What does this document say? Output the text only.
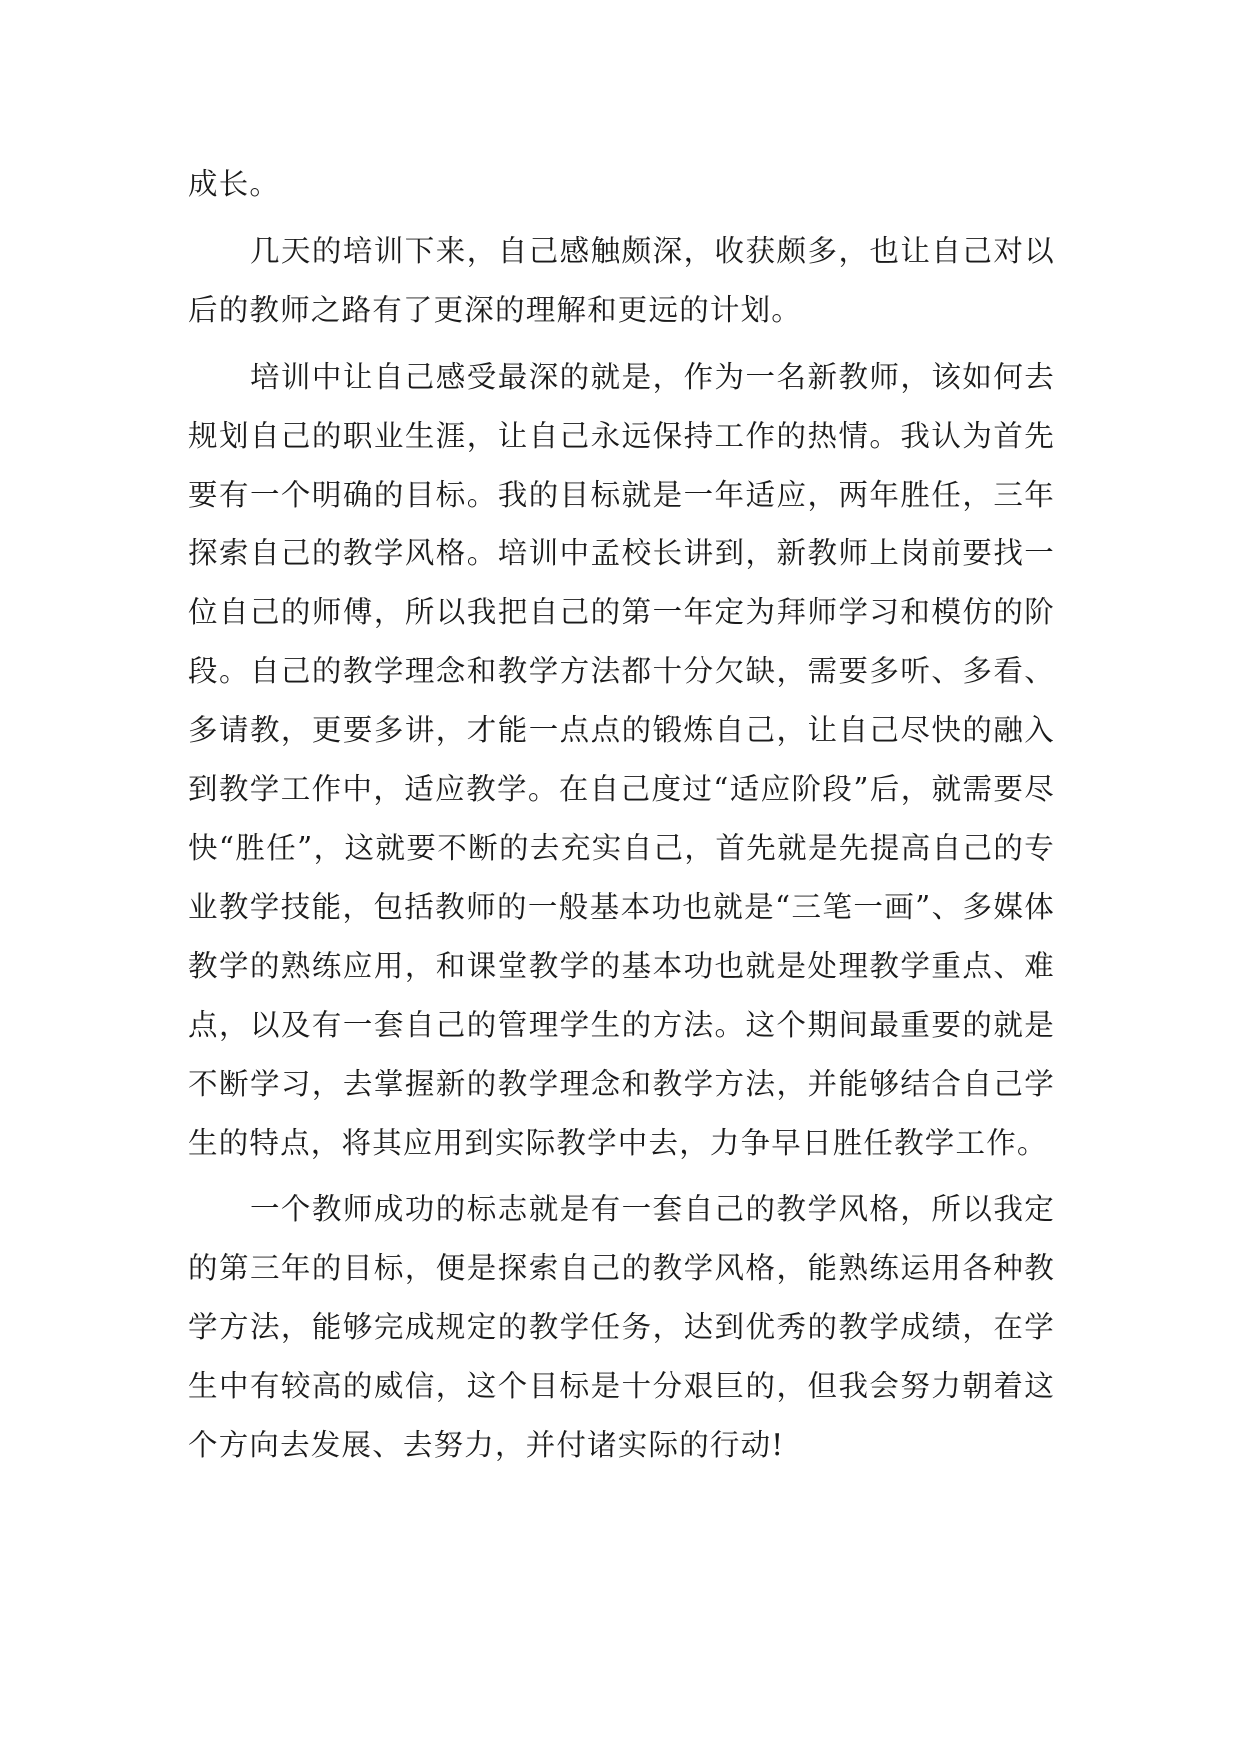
成长。

几天的培训下来，自己感触颇深，收获颇多，也让自己对以后的教师之路有了更深的理解和更远的计划。

培训中让自己感受最深的就是，作为一名新教师，该如何去规划自己的职业生涯，让自己永远保持工作的热情。我认为首先要有一个明确的目标。我的目标就是一年适应，两年胜任，三年探索自己的教学风格。培训中孟校长讲到，新教师上岗前要找一位自己的师傅，所以我把自己的第一年定为拜师学习和模仿的阶段。自己的教学理念和教学方法都十分欠缺，需要多听、多看、多请教，更要多讲，才能一点点的锻炼自己，让自己尽快的融入到教学工作中，适应教学。在自己度过“适应阶段”后，就需要尽快“胜任”，这就要不断的去充实自己，首先就是先提高自己的专业教学技能，包括教师的一般基本功也就是“三笔一画”、多媒体教学的熟练应用，和课堂教学的基本功也就是处理教学重点、难点，以及有一套自己的管理学生的方法。这个期间最重要的就是不断学习，去掌握新的教学理念和教学方法，并能够结合自己学生的特点，将其应用到实际教学中去，力争早日胜任教学工作。

一个教师成功的标志就是有一套自己的教学风格，所以我定的第三年的目标，便是探索自己的教学风格，能熟练运用各种教学方法，能够完成规定的教学任务，达到优秀的教学成绩，在学生中有较高的威信，这个目标是十分艰巨的，但我会努力朝着这个方向去发展、去努力，并付诸实际的行动!
